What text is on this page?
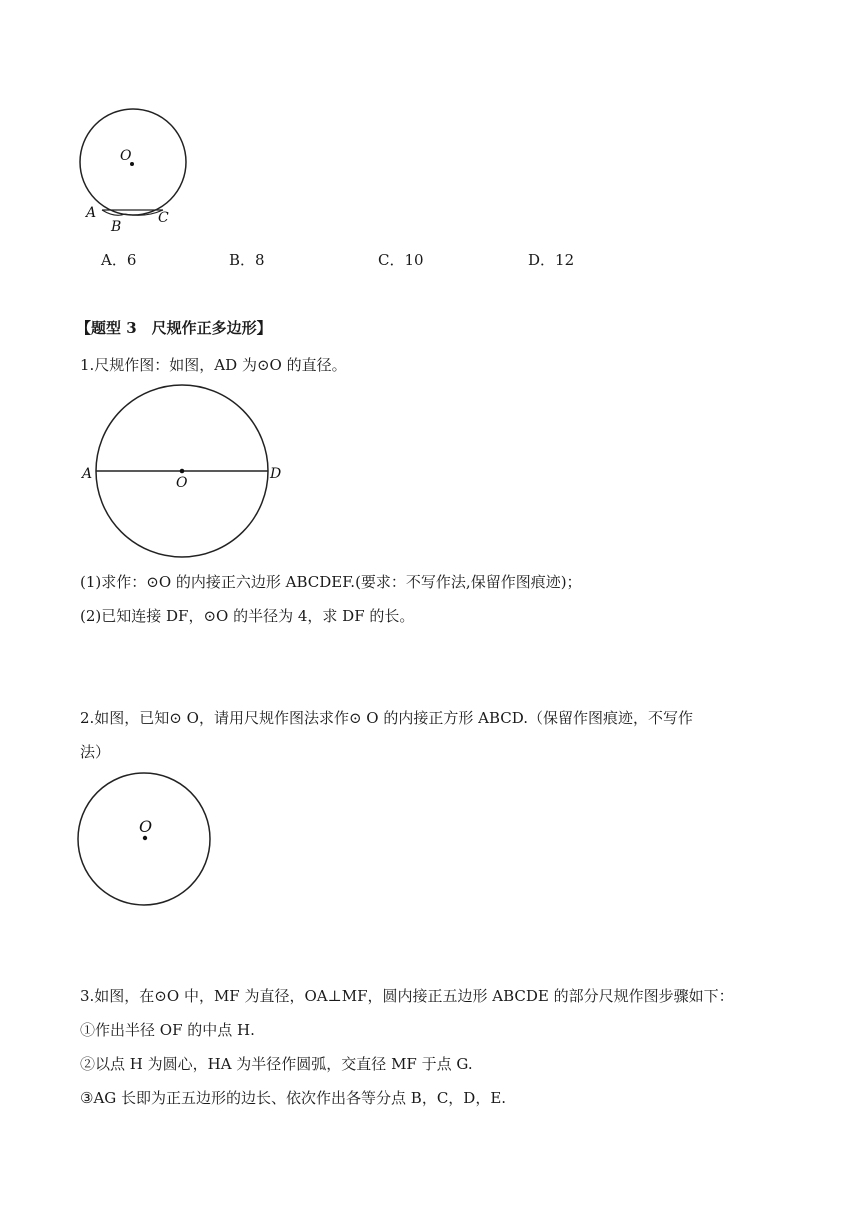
O
A
B
C
A．6	B．8	C．10	D．12
【题型 3　尺规作正多边形】
1.尺规作图：如图，AD 为⊙O 的直径。
A
O
D
(1)求作：⊙O 的内接正六边形 ABCDEF.(要求：不写作法,保留作图痕迹)；
(2)已知连接 DF，⊙O 的半径为 4，求 DF 的长。
2.如图，已知⊙ O，请用尺规作图法求作⊙ O 的内接正方形 ABCD.（保留作图痕迹，不写作
法）
O
3.如图，在⊙O 中，MF 为直径，OA⊥MF，圆内接正五边形 ABCDE 的部分尺规作图步骤如下：
①作出半径 OF 的中点 H.
②以点 H 为圆心，HA 为半径作圆弧，交直径 MF 于点 G.
③AG 长即为正五边形的边长、依次作出各等分点 B，C，D，E.
